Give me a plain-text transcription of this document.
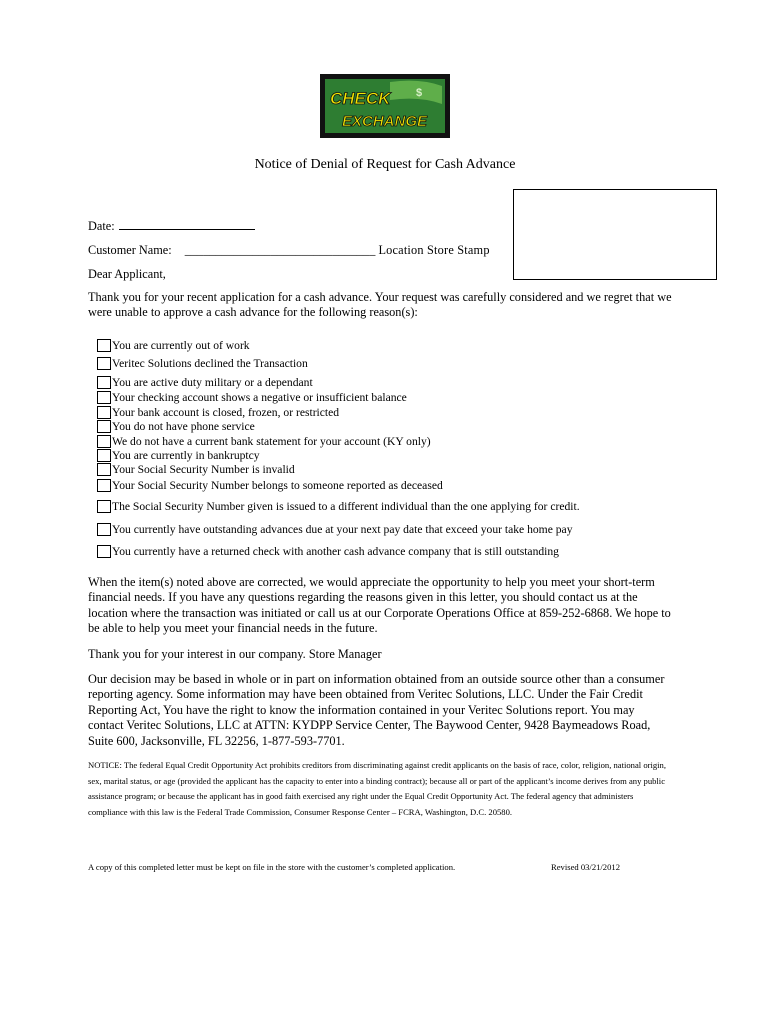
$
CHECK
EXCHANGE
Notice of Denial of Request for Cash Advance
Date:
Customer Name: _______________________________ Location Store Stamp
Dear Applicant,
Thank you for your recent application for a cash advance. Your request was carefully considered and we regret that we were unable to approve a cash advance for the following reason(s):
You are currently out of work
Veritec Solutions declined the Transaction
You are active duty military or a dependant
Your checking account shows a negative or insufficient balance
Your bank account is closed, frozen, or restricted
You do not have phone service
We do not have a current bank statement for your account (KY only)
You are currently in bankruptcy
Your Social Security Number is invalid
Your Social Security Number belongs to someone reported as deceased
The Social Security Number given is issued to a different individual than the one applying for credit.
You currently have outstanding advances due at your next pay date that exceed your take home pay
You currently have a returned check with another cash advance company that is still outstanding
When the item(s) noted above are corrected, we would appreciate the opportunity to help you meet your short-term financial needs. If you have any questions regarding the reasons given in this letter, you should contact us at the location where the transaction was initiated or call us at our Corporate Operations Office at 859-252-6868. We hope to be able to help you meet your financial needs in the future.
Thank you for your interest in our company. Store Manager
Our decision may be based in whole or in part on information obtained from an outside source other than a consumer reporting agency. Some information may have been obtained from Veritec Solutions, LLC. Under the Fair Credit Reporting Act, You have the right to know the information contained in your Veritec Solutions report. You may contact Veritec Solutions, LLC at ATTN: KYDPP Service Center, The Baywood Center, 9428 Baymeadows Road, Suite 600, Jacksonville, FL 32256, 1-877-593-7701.
NOTICE: The federal Equal Credit Opportunity Act prohibits creditors from discriminating against credit applicants on the basis of race, color, religion, national origin, sex, marital status, or age (provided the applicant has the capacity to enter into a binding contract); because all or part of the applicant’s income derives from any public assistance program; or because the applicant has in good faith exercised any right under the Equal Credit Opportunity Act. The federal agency that administers compliance with this law is the Federal Trade Commission, Consumer Response Center – FCRA, Washington, D.C. 20580.
A copy of this completed letter must be kept on file in the store with the customer’s completed application.	Revised 03/21/2012
